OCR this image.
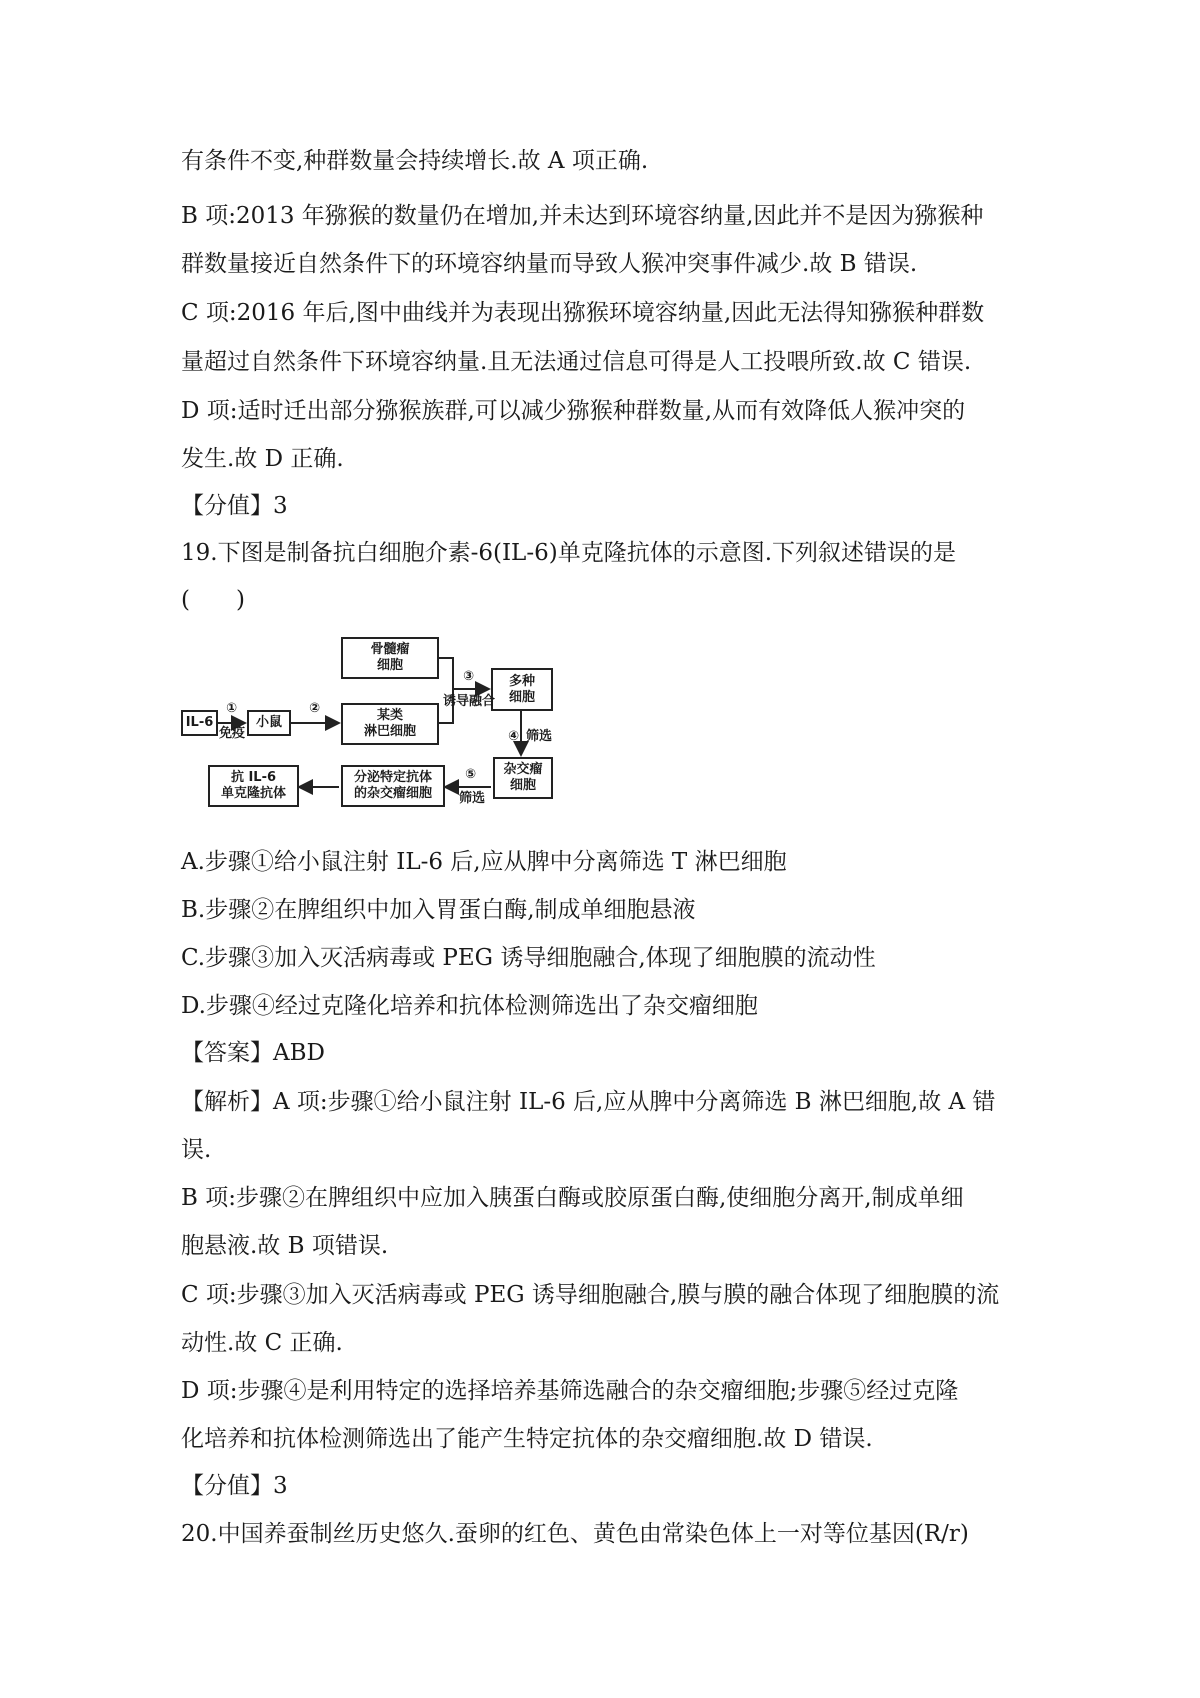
有条件不变,种群数量会持续增长.故 A 项正确.
B 项:2013 年猕猴的数量仍在增加,并未达到环境容纳量,因此并不是因为猕猴种
群数量接近自然条件下的环境容纳量而导致人猴冲突事件减少.故 B 错误.
C 项:2016 年后,图中曲线并为表现出猕猴环境容纳量,因此无法得知猕猴种群数
量超过自然条件下环境容纳量.且无法通过信息可得是人工投喂所致.故 C 错误.
D 项:适时迁出部分猕猴族群,可以减少猕猴种群数量,从而有效降低人猴冲突的
发生.故 D 正确.
【分值】3
19.下图是制备抗白细胞介素-6(IL-6)单克隆抗体的示意图.下列叙述错误的是
(　　)
IL-6	小鼠
骨髓瘤
细胞
某类
淋巴细胞
多种
细胞
杂交瘤
细胞
分泌特定抗体
的杂交瘤细胞
抗 IL-6
单克隆抗体
①
免疫
②
③
诱导融合
④ 筛选
⑤
筛选
A.步骤①给小鼠注射 IL-6 后,应从脾中分离筛选 T 淋巴细胞
B.步骤②在脾组织中加入胃蛋白酶,制成单细胞悬液
C.步骤③加入灭活病毒或 PEG 诱导细胞融合,体现了细胞膜的流动性
D.步骤④经过克隆化培养和抗体检测筛选出了杂交瘤细胞
【答案】ABD
【解析】A 项:步骤①给小鼠注射 IL-6 后,应从脾中分离筛选 B 淋巴细胞,故 A 错
误.
B 项:步骤②在脾组织中应加入胰蛋白酶或胶原蛋白酶,使细胞分离开,制成单细
胞悬液.故 B 项错误.
C 项:步骤③加入灭活病毒或 PEG 诱导细胞融合,膜与膜的融合体现了细胞膜的流
动性.故 C 正确.
D 项:步骤④是利用特定的选择培养基筛选融合的杂交瘤细胞;步骤⑤经过克隆
化培养和抗体检测筛选出了能产生特定抗体的杂交瘤细胞.故 D 错误.
【分值】3
20.中国养蚕制丝历史悠久.蚕卵的红色、黄色由常染色体上一对等位基因(R/r)
